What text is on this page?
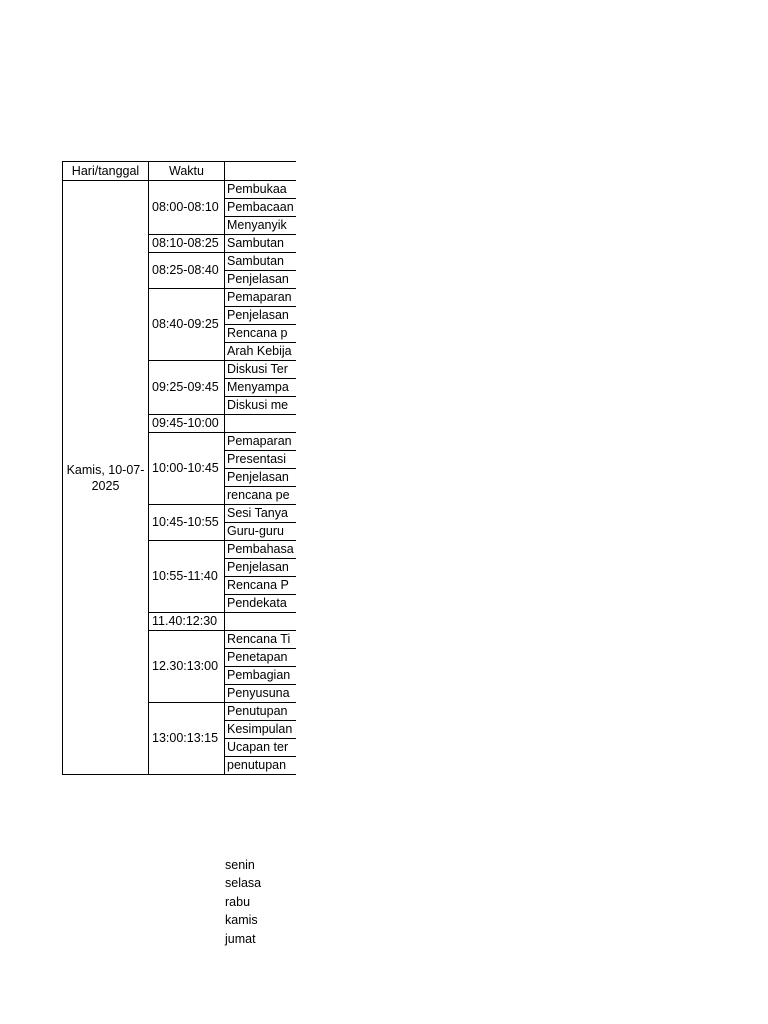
Hari/tanggal	Waktu	
Kamis, 10-07-2025	08:00-08:10	Pembukaa
		Pembacaan
		Menyanyik
	08:10-08:25	Sambutan
	08:25-08:40	Sambutan
		Penjelasan
	08:40-09:25	Pemaparan
		Penjelasan
		Rencana p
		Arah Kebija
	09:25-09:45	Diskusi Ter
		Menyampa
		Diskusi me
	09:45-10:00	
	10:00-10:45	Pemaparan
		Presentasi
		Penjelasan
		rencana pe
	10:45-10:55	Sesi Tanya
		Guru-guru
	10:55-11:40	Pembahasa
		Penjelasan
		Rencana P
		Pendekata
	11.40:12:30	
	12.30:13:00	Rencana Ti
		Penetapan
		Pembagian
		Penyusuna
	13:00:13:15	Penutupan
		Kesimpulan
		Ucapan ter
		penutupan
senin
selasa
rabu
kamis
jumat
